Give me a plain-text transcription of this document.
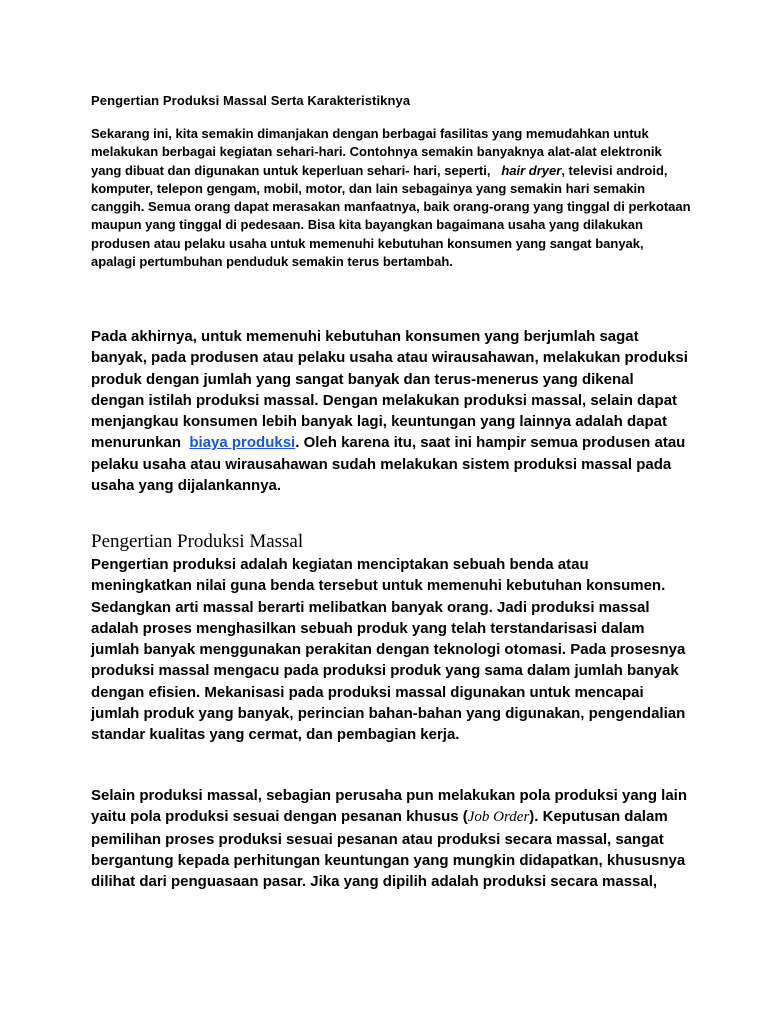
Pengertian Produksi Massal Serta Karakteristiknya

Sekarang ini, kita semakin dimanjakan dengan berbagai fasilitas yang memudahkan untuk melakukan berbagai kegiatan sehari-hari. Contohnya semakin banyaknya alat-alat elektronik yang dibuat dan digunakan untuk keperluan sehari- hari, seperti, hair dryer, televisi android, komputer, telepon gengam, mobil, motor, dan lain sebagainya yang semakin hari semakin canggih. Semua orang dapat merasakan manfaatnya, baik orang-orang yang tinggal di perkotaan maupun yang tinggal di pedesaan. Bisa kita bayangkan bagaimana usaha yang dilakukan produsen atau pelaku usaha untuk memenuhi kebutuhan konsumen yang sangat banyak, apalagi pertumbuhan penduduk semakin terus bertambah.

Pada akhirnya, untuk memenuhi kebutuhan konsumen yang berjumlah sagat banyak, pada produsen atau pelaku usaha atau wirausahawan, melakukan produksi produk dengan jumlah yang sangat banyak dan terus-menerus yang dikenal dengan istilah produksi massal. Dengan melakukan produksi massal, selain dapat menjangkau konsumen lebih banyak lagi, keuntungan yang lainnya adalah dapat menurunkan biaya produksi. Oleh karena itu, saat ini hampir semua produsen atau pelaku usaha atau wirausahawan sudah melakukan sistem produksi massal pada usaha yang dijalankannya.

Pengertian Produksi Massal

Pengertian produksi adalah kegiatan menciptakan sebuah benda atau meningkatkan nilai guna benda tersebut untuk memenuhi kebutuhan konsumen. Sedangkan arti massal berarti melibatkan banyak orang. Jadi produksi massal adalah proses menghasilkan sebuah produk yang telah terstandarisasi dalam jumlah banyak menggunakan perakitan dengan teknologi otomasi. Pada prosesnya produksi massal mengacu pada produksi produk yang sama dalam jumlah banyak dengan efisien. Mekanisasi pada produksi massal digunakan untuk mencapai jumlah produk yang banyak, perincian bahan-bahan yang digunakan, pengendalian standar kualitas yang cermat, dan pembagian kerja.

Selain produksi massal, sebagian perusaha pun melakukan pola produksi yang lain yaitu pola produksi sesuai dengan pesanan khusus (Job Order). Keputusan dalam pemilihan proses produksi sesuai pesanan atau produksi secara massal, sangat bergantung kepada perhitungan keuntungan yang mungkin didapatkan, khususnya dilihat dari penguasaan pasar. Jika yang dipilih adalah produksi secara massal,
